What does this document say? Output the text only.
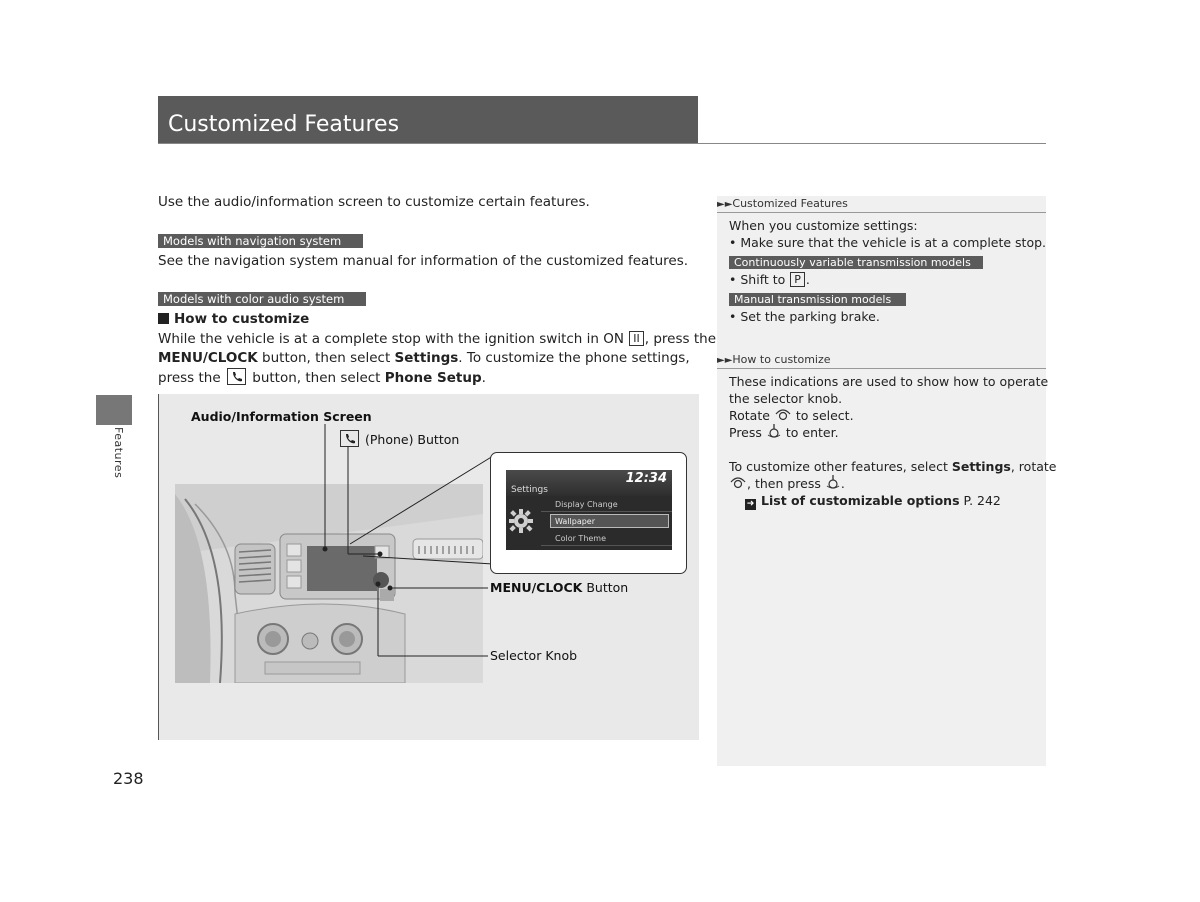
Customized Features
Features
Use the audio/information screen to customize certain features.
Models with navigation system
See the navigation system manual for information of the customized features.
Models with color audio system
How to customize
While the vehicle is at a complete stop with the ignition switch in ON II , press the
MENU/CLOCK button, then select Settings. To customize the phone settings,
press the  button, then select Phone Setup.
Audio/Information Screen
(Phone) Button
12:34
Settings
Display Change
Wallpaper
Color Theme
MENU/CLOCK Button
Selector Knob
►►Customized Features
When you customize settings:
• Make sure that the vehicle is at a complete stop.
Continuously variable transmission models
• Shift to P .
Manual transmission models
• Set the parking brake.
►►How to customize
These indications are used to show how to operate
the selector knob.
Rotate to select.
Press to enter.
To customize other features, select Settings, rotate
, then press .
➜ List of customizable options P. 242
238
